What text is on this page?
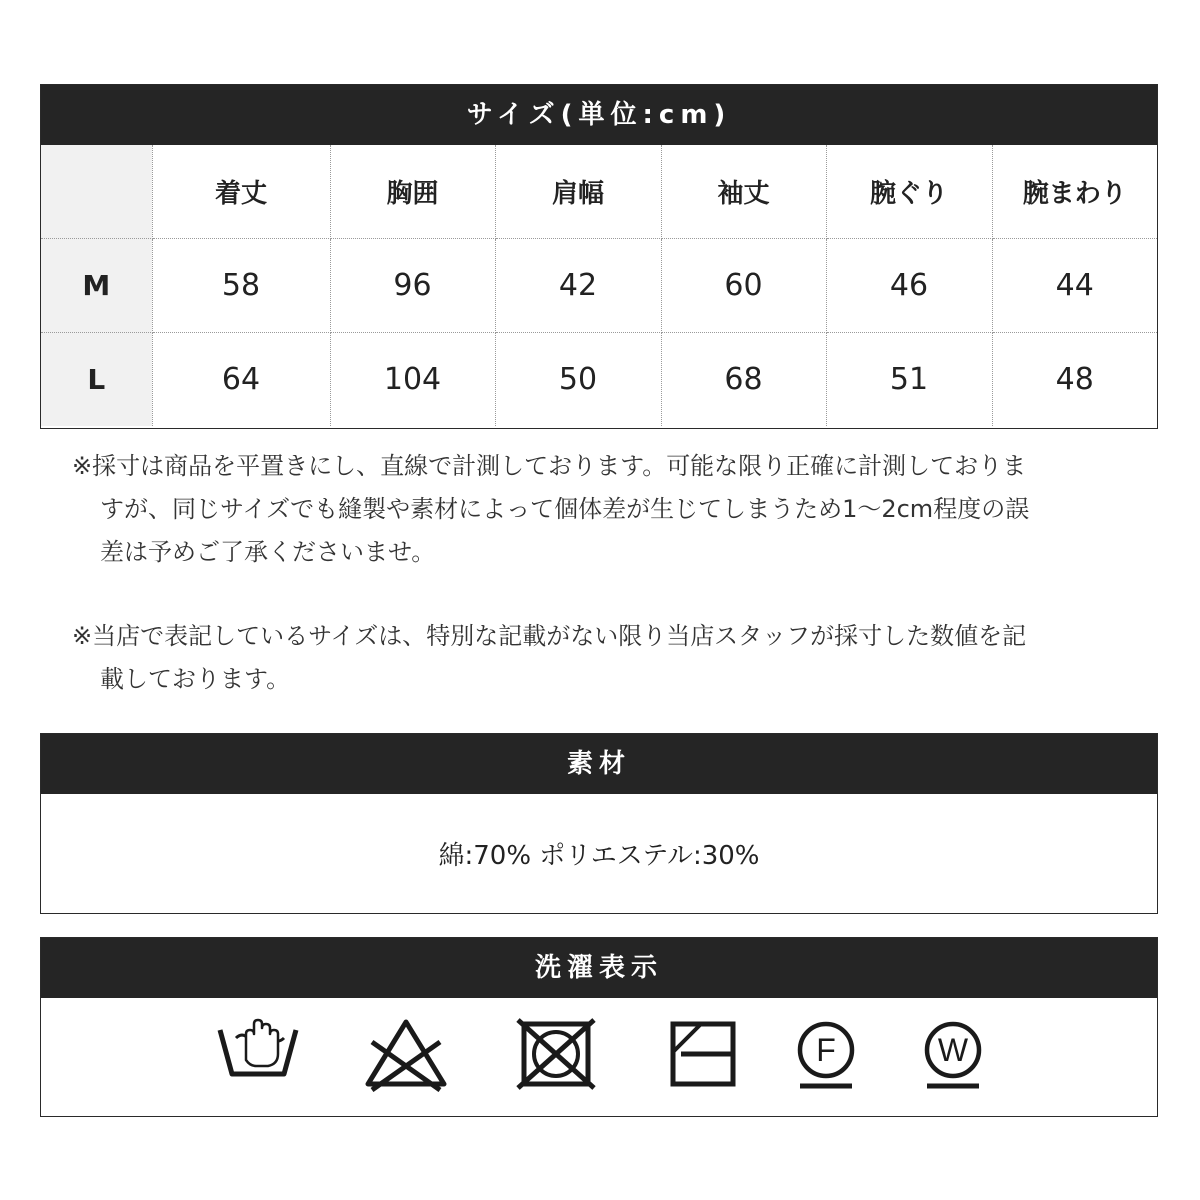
サイズ(単位:cm)
	着丈	胸囲	肩幅	袖丈	腕ぐり	腕まわり
M	58	96	42	60	46	44
L	64	104	50	68	51	48
※採寸は商品を平置きにし、直線で計測しております。可能な限り正確に計測しておりますが、同じサイズでも縫製や素材によって個体差が生じてしまうため1〜2cm程度の誤差は予めご了承くださいませ。
※当店で表記しているサイズは、特別な記載がない限り当店スタッフが採寸した数値を記載しております。
素材
綿:70% ポリエステル:30%
洗濯表示
F	W
